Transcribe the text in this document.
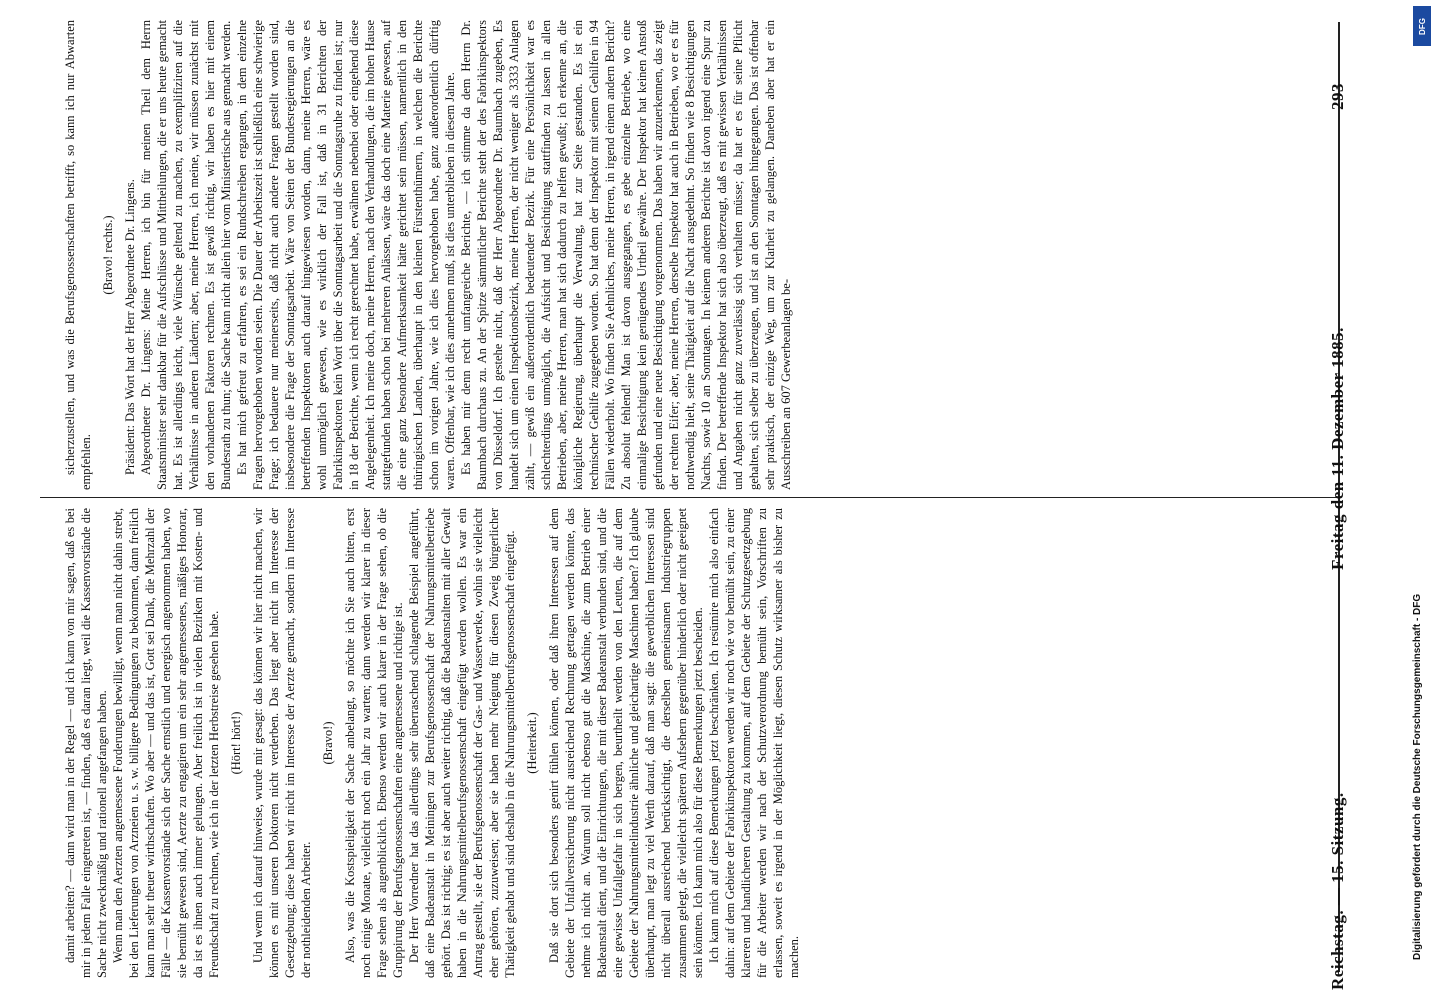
Reichstag. — 15. Sitzung.
Freitag den 11. Dezember 1885.
293

damit arbeiten? — dann wird man in der Regel — und ich kann von mir sagen, daß es bei mir in jedem Falle eingetreten ist, — finden, daß es daran liegt, weil die Kassenvorstände die Sache nicht zweckmäßig und rationell angefangen haben. Wenn man den Aerzten angemessene Forderungen bewilligt, wenn man nicht dahin strebt, bei den Lieferungen von Arzneien u. s. w. billigere Bedingungen zu bekommen, dann freilich kann man sehr theuer wirthschaften. Wo aber — und das ist, Gott sei Dank, die Mehrzahl der Fälle — die Kassenvorstände sich der Sache ernstlich und energisch angenommen haben, wo sie bemüht gewesen sind, Aerzte zu engagiren um ein sehr angemessenes, mäßiges Honorar, da ist es ihnen auch immer gelungen. Aber freilich ist in vielen Bezirken mit Kosten- und Freundschaft zu rechnen, wie ich in der letzten Herbstreise gesehen habe. (Hört! hört!) Und wenn ich darauf hinweise, wurde mir gesagt: das können wir hier nicht machen, wir können es mit unseren Doktoren nicht verderben. Das liegt aber nicht im Interesse der Gesetzgebung; diese haben wir nicht im Interesse der Aerzte gemacht, sondern im Interesse der nothleidenden Arbeiter.

(Bravo!) Also, was die Kostspieligkeit der Sache anbelangt, so möchte ich Sie auch bitten, erst noch einige Monate, vielleicht noch ein Jahr zu warten; dann werden wir klarer in dieser Frage sehen als augenblicklich. Ebenso werden wir auch klarer in der Frage sehen, ob die Gruppirung der Berufsgenossenschaften eine angemessene und richtige ist. Der Herr Vorredner hat das allerdings sehr überraschend schlagende Beispiel angeführt, daß eine Badeanstalt in Meiningen zur Berufsgenossenschaft der Nahrungsmittelbetriebe gehört. Das ist richtig; es ist aber auch weiter richtig, daß die Badeanstalten mit aller Gewalt haben in die Nahrungsmittelberufsgenossenschaft eingefügt werden wollen. Es war ein Antrag gestellt, sie der Berufsgenossenschaft der Gas- und Wasserwerke, wohin sie vielleicht eher gehören, zuzuweisen; aber sie haben mehr Neigung für diesen Zweig bürgerlicher Thätigkeit gehabt und sind deshalb in die Nahrungsmittelberufsgenossenschaft eingefügt. (Heiterkeit.) Daß sie dort sich besonders genirt fühlen können, oder daß ihren Interessen auf dem Gebiete der Unfallversicherung nicht ausreichend Rechnung getragen werden könnte, das nehme ich nicht an. Warum soll nicht ebenso gut die Maschine, die zum Betrieb einer Badeanstalt dient, und die Einrichtungen, die mit dieser Badeanstalt verbunden sind, und die eine gewisse Unfallgefahr in sich bergen, beurtheilt werden von den Leuten, die auf dem Gebiete der Nahrungsmittelindustrie ähnliche und gleichartige Maschinen haben? Ich glaube überhaupt, man legt zu viel Werth darauf, daß man sagt: die gewerblichen Interessen sind nicht überall ausreichend berücksichtigt, die derselben gemeinsamen Industriegruppen zusammen gelegt, die vielleicht späteren Aufsehern gegenüber hinderlich oder nicht geeignet sein könnten. Ich kann mich also für diese Bemerkungen jetzt bescheiden. Ich kann mich auf diese Bemerkungen jetzt beschränken. Ich resümire mich also einfach dahin: auf dem Gebiete der Fabrikinspektoren werden wir noch wie vor bemüht sein, zu einer klareren und handlicheren Gestaltung zu kommen, auf dem Gebiete der Schutzgesetzgebung für die Arbeiter werden wir nach der Schutzverordnung bemüht sein, Vorschriften zu erlassen, soweit es irgend in der Möglichkeit liegt, diesen Schutz wirksamer als bisher zu machen.

sicherzustellen, und was die Berufsgenossenschaften betrifft, so kann ich nur Abwarten empfehlen.

(Bravo! rechts.) Präsident: Das Wort hat der Herr Abgeordnete Dr. Lingens. Abgeordneter Dr. Lingens: Meine Herren, ich bin für meinen Theil dem Herrn Staatsminister sehr dankbar für die Aufschlüsse und Mittheilungen, die er uns heute gemacht hat. Es ist allerdings leicht, viele Wünsche geltend zu machen, zu exemplifiziren auf die Verhältnisse in anderen Ländern; aber, meine Herren, ich meine, wir müssen zunächst mit den vorhandenen Faktoren rechnen. Es ist gewiß richtig, wir haben es hier mit einem Bundesrath zu thun; die Sache kann nicht allein hier vom Ministertische aus gemacht werden. Es hat mich gefreut zu erfahren, es sei ein Rundschreiben ergangen, in dem einzelne Fragen hervorgehoben worden seien. Die Dauer der Arbeitszeit ist schließlich eine schwierige Frage; ich bedauere nur meinerseits, daß nicht auch andere Fragen gestellt worden sind, insbesondere die Frage der Sonntagsarbeit. Wäre von Seiten der Bundesregierungen an die betreffenden Inspektoren auch darauf hingewiesen worden, dann, meine Herren, wäre es wohl unmöglich gewesen, wie es wirklich der Fall ist, daß in 31 Berichten der Fabrikinspektoren kein Wort über die Sonntagsarbeit und die Sonntagsruhe zu finden ist; nur in 18 der Berichte, wenn ich recht gerechnet habe, erwähnen nebenbei oder eingehend diese Angelegenheit. Ich meine doch, meine Herren, nach den Verhandlungen, die im hohen Hause stattgefunden haben schon bei mehreren Anlässen, wäre das doch eine Materie gewesen, auf die eine ganz besondere Aufmerksamkeit hätte gerichtet sein müssen, namentlich in den thüringischen Landen, überhaupt in den kleinen Fürstenthümern, in welchen die Berichte schon im vorigen Jahre, wie ich dies hervorgehoben habe, ganz außerordentlich dürftig waren. Offenbar, wie ich dies annehmen muß, ist dies unterblieben in diesem Jahre. Es haben mir denn recht umfangreiche Berichte, — ich stimme da dem Herrn Dr. Baumbach durchaus zu. An der Spitze sämmtlicher Berichte steht der des Fabrikinspektors von Düsseldorf. Ich gestehe nicht, daß der Herr Abgeordnete Dr. Baumbach zugeben, Es handelt sich um einen Inspektionsbezirk, meine Herren, der nicht weniger als 3333 Anlagen zählt, — gewiß ein außerordentlich bedeutender Bezirk. Für eine Persönlichkeit war es schlechterdings unmöglich, die Aufsicht und Besichtigung stattfinden zu lassen in allen Betrieben, aber, meine Herren, man hat sich dadurch zu helfen gewußt; ich erkenne an, die königliche Regierung, überhaupt die Verwaltung, hat zur Seite gestanden. Es ist ein technischer Gehilfe zugegeben worden. So hat denn der Inspektor mit seinem Gehilfen in 94 Fällen wiederholt. Wo finden Sie Aehnliches, meine Herren, in irgend einem andern Bericht? Zu absolut fehlend! Man ist davon ausgegangen, es gebe einzelne Betriebe, wo eine einmalige Besichtigung kein genügendes Urtheil gewähre. Der Inspektor hat keinen Anstoß gefunden und eine neue Besichtigung vorgenommen. Das haben wir anzuerkennen, das zeigt der rechten Eifer; aber, meine Herren, derselbe Inspektor hat auch in Betrieben, wo er es für nothwendig hielt, seine Thätigkeit auf die Nacht ausgedehnt. So finden wie 8 Besichtigungen Nachts, sowie 10 an Sonntagen. In keinem anderen Berichte ist davon irgend eine Spur zu finden. Der betreffende Inspektor hat sich also überzeugt, daß es mit gewissen Verhältnissen und Angaben nicht ganz zuverlässig sich verhalten müsse; da hat er es für seine Pflicht gehalten, sich selber zu überzeugen, und ist an den Sonntagen hingegangen. Das ist offenbar sehr praktisch, der einzige Weg, um zur Klarheit zu gelangen. Daneben aber hat er ein Ausschreiben an 607 Gewerbeanlagen be-

Digitalisierung gefördert durch die Deutsche Forschungsgemeinschaft - DFG
DFG
